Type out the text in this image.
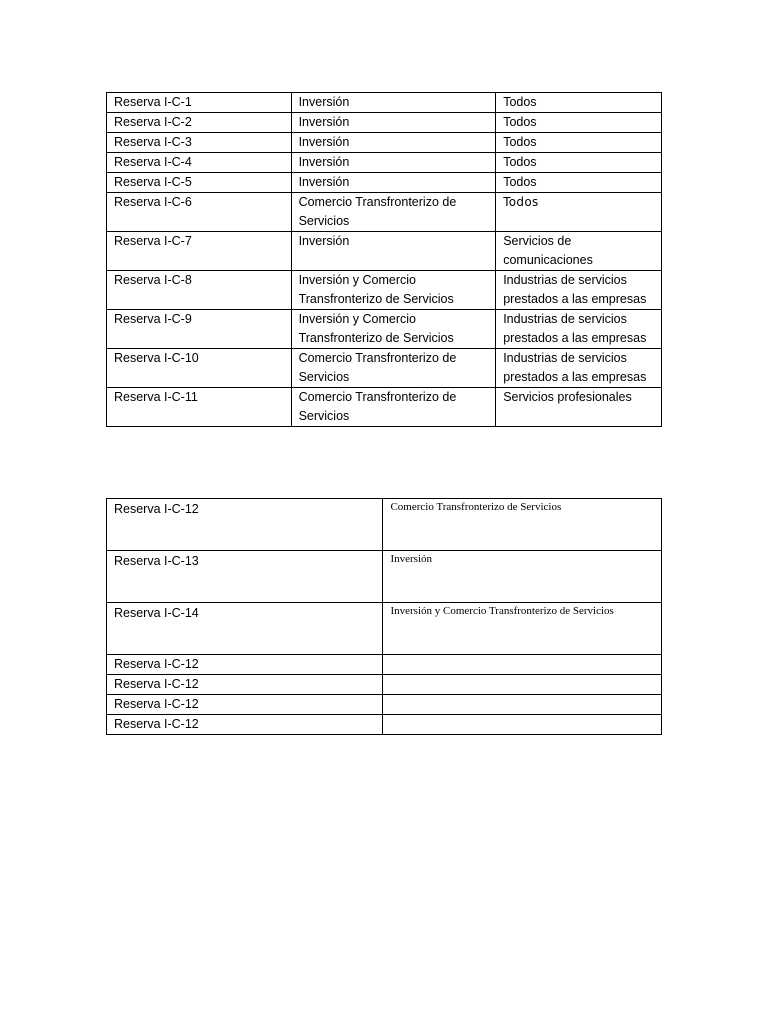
Reserva I-C-1	Inversión	Todos
Reserva I-C-2	Inversión	Todos
Reserva I-C-3	Inversión	Todos
Reserva I-C-4	Inversión	Todos
Reserva I-C-5	Inversión	Todos
Reserva I-C-6	Comercio Transfronterizo de Servicios	Todos
Reserva I-C-7	Inversión	Servicios de comunicaciones
Reserva I-C-8	Inversión y Comercio Transfronterizo de Servicios	Industrias de servicios prestados a las empresas
Reserva I-C-9	Inversión y Comercio Transfronterizo de Servicios	Industrias de servicios prestados a las empresas
Reserva I-C-10	Comercio Transfronterizo de Servicios	Industrias de servicios prestados a las empresas
Reserva I-C-11	Comercio Transfronterizo de Servicios	Servicios profesionales
Reserva I-C-12	Comercio Transfronterizo de Servicios
Reserva I-C-13	Inversión
Reserva I-C-14	Inversión y Comercio Transfronterizo de Servicios
Reserva I-C-12	
Reserva I-C-12	
Reserva I-C-12	
Reserva I-C-12	
